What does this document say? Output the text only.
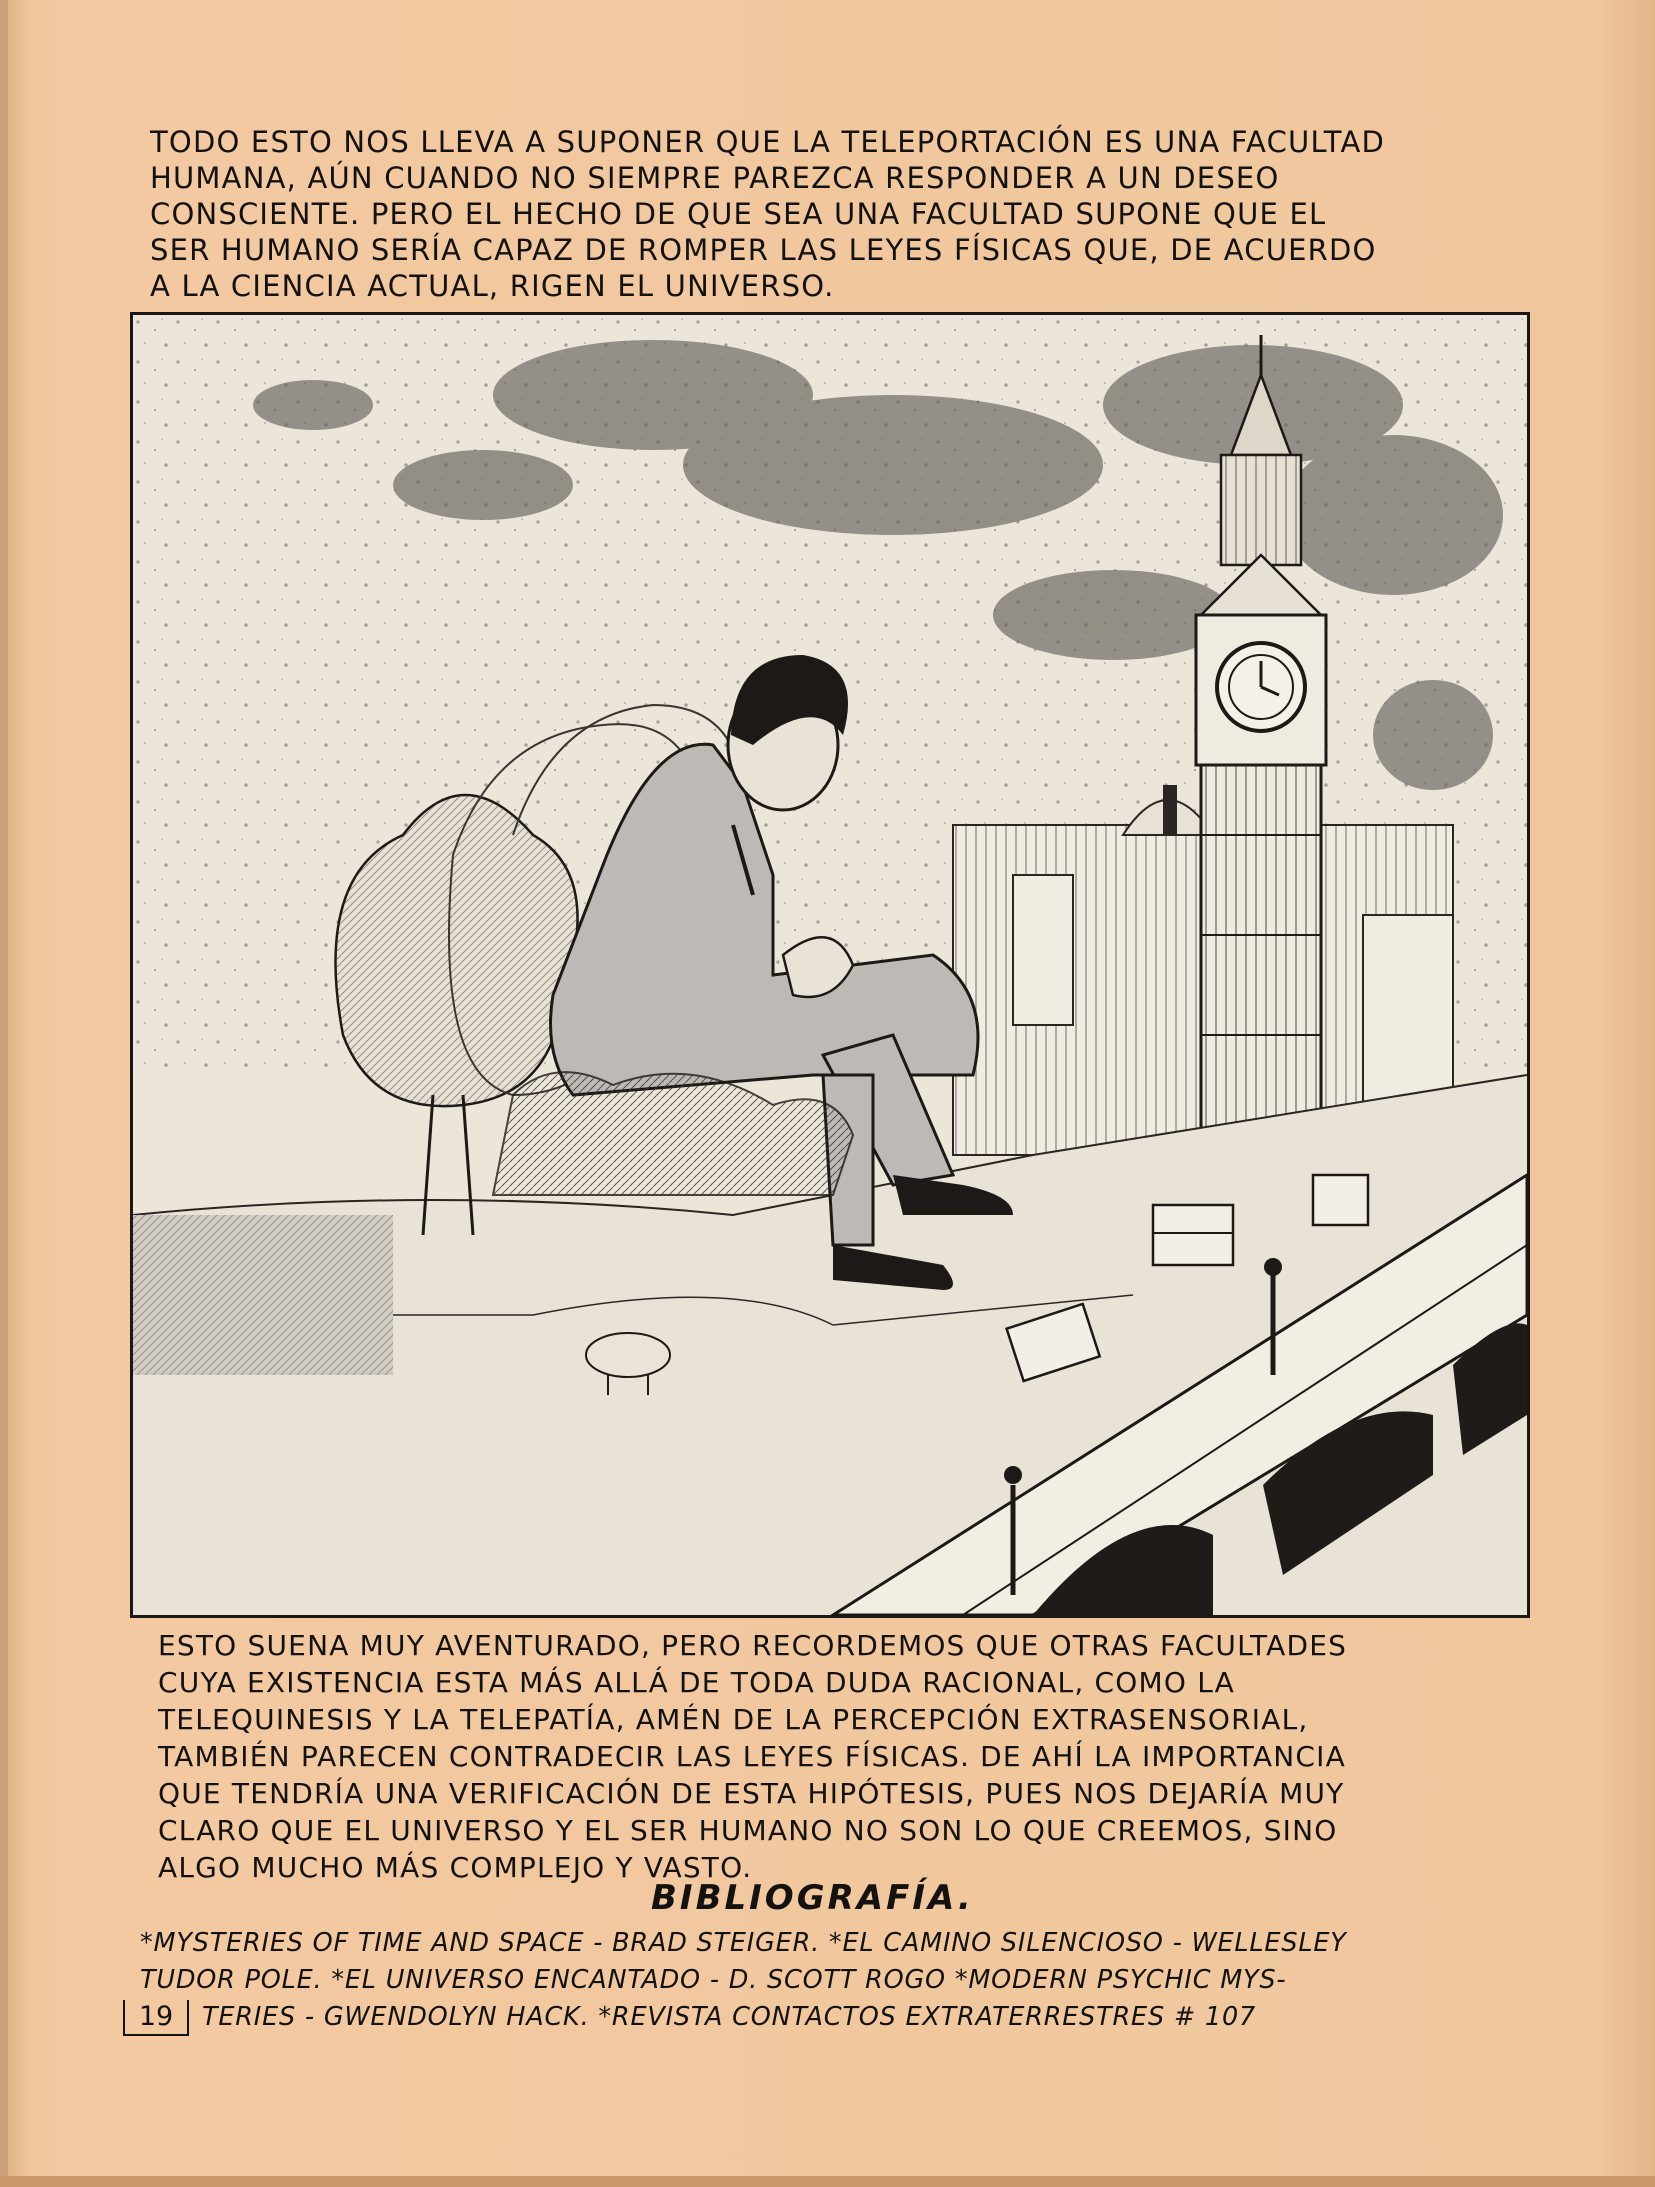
TODO ESTO NOS LLEVA A SUPONER QUE LA TELEPORTACIÓN ES UNA FACULTAD
HUMANA, AÚN CUANDO NO SIEMPRE PAREZCA RESPONDER A UN DESEO
CONSCIENTE. PERO EL HECHO DE QUE SEA UNA FACULTAD SUPONE QUE EL
SER HUMANO SERÍA CAPAZ DE ROMPER LAS LEYES FÍSICAS QUE, DE ACUERDO
A LA CIENCIA ACTUAL, RIGEN EL UNIVERSO.
ESTO SUENA MUY AVENTURADO, PERO RECORDEMOS QUE OTRAS FACULTADES
CUYA EXISTENCIA ESTA MÁS ALLÁ DE TODA DUDA RACIONAL, COMO LA
TELEQUINESIS Y LA TELEPATÍA, AMÉN DE LA PERCEPCIÓN EXTRASENSORIAL,
TAMBIÉN PARECEN CONTRADECIR LAS LEYES FÍSICAS. DE AHÍ LA IMPORTANCIA
QUE TENDRÍA UNA VERIFICACIÓN DE ESTA HIPÓTESIS, PUES NOS DEJARÍA MUY
CLARO QUE EL UNIVERSO Y EL SER HUMANO NO SON LO QUE CREEMOS, SINO
ALGO MUCHO MÁS COMPLEJO Y VASTO.
BIBLIOGRAFÍA.
*MYSTERIES OF TIME AND SPACE - BRAD STEIGER. *EL CAMINO SILENCIOSO - WELLESLEY
TUDOR POLE. *EL UNIVERSO ENCANTADO - D. SCOTT ROGO *MODERN PSYCHIC MYS-
TERIES - GWENDOLYN HACK. *REVISTA CONTACTOS EXTRATERRESTRES # 107
19
